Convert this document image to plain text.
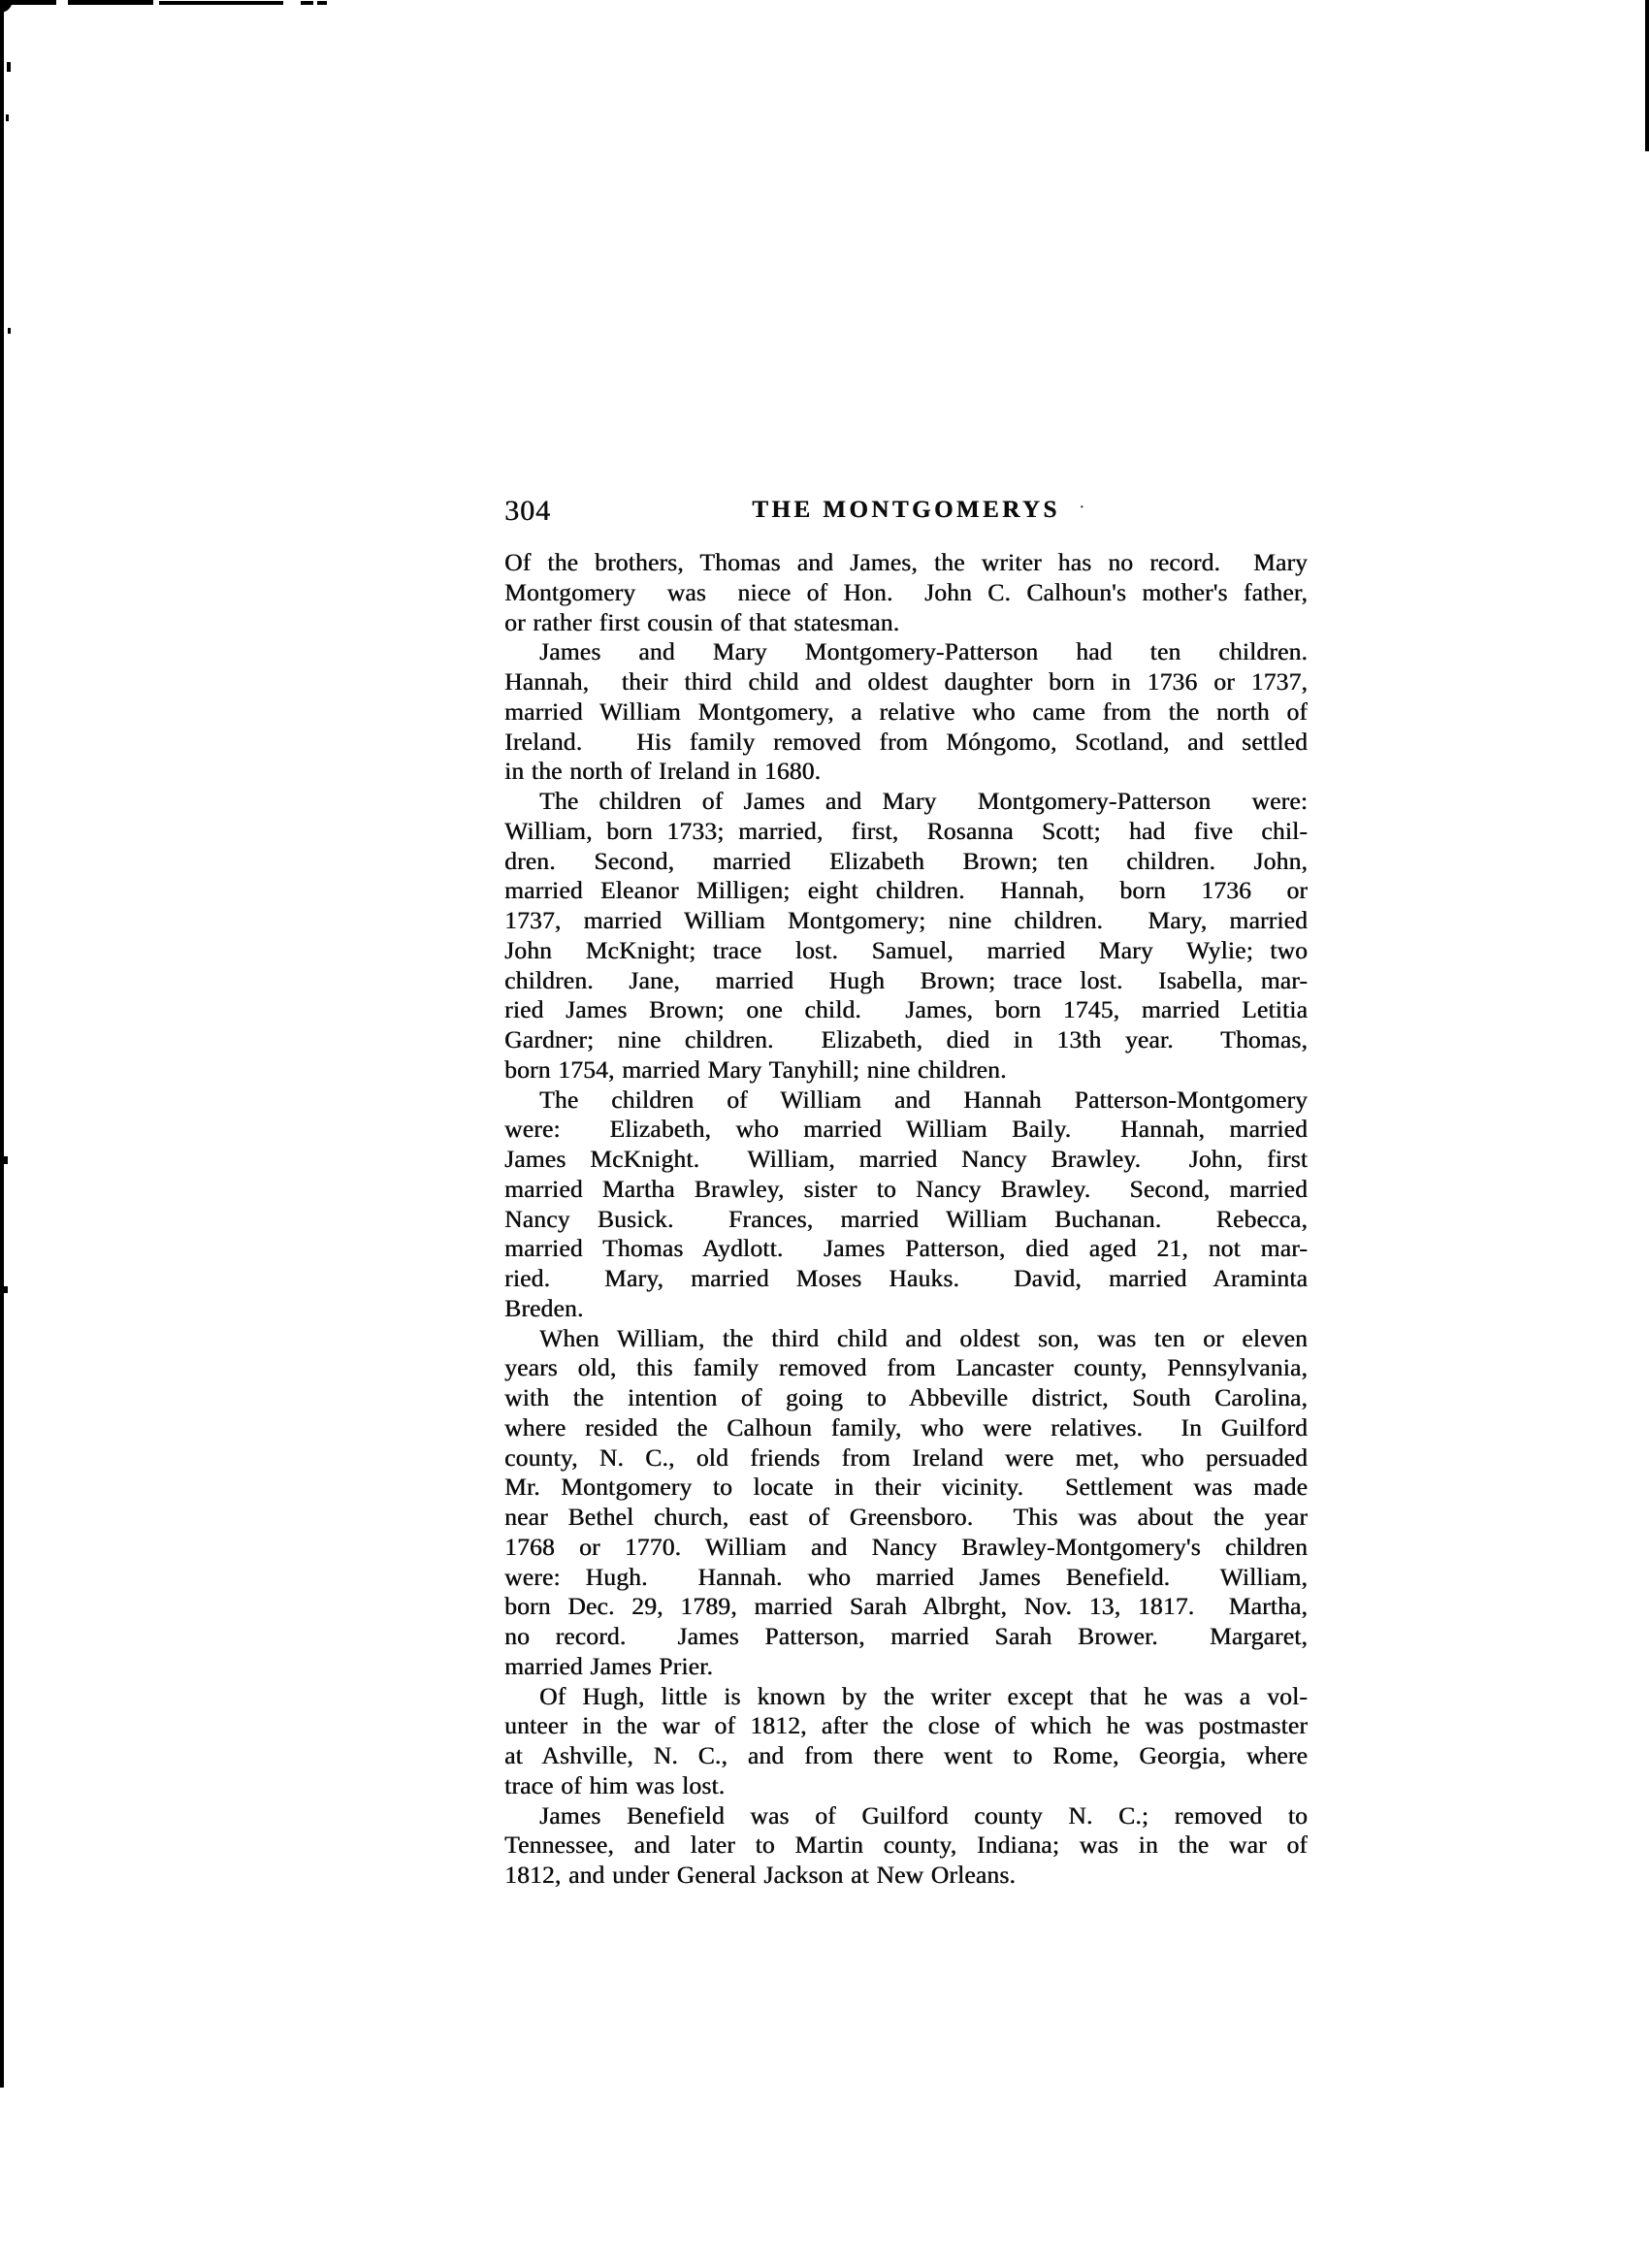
304	THE MONTGOMERYS ·
Of the brothers, Thomas and James, the writer has no record.  Mary
Montgomery  was  niece of Hon.  John C. Calhoun's mother's father,
or rather first cousin of that statesman.
James  and  Mary  Montgomery-Patterson  had  ten  children.
Hannah,  their third child and oldest daughter born in 1736 or 1737,
married William Montgomery, a relative who came from the north of
Ireland.   His family removed from Móngomo, Scotland, and settled
in the north of Ireland in 1680.
The children of James and Mary  Montgomery-Patterson  were:
William, born 1733; married,  first,  Rosanna  Scott;  had  five  chil-
dren.  Second,  married  Elizabeth  Brown; ten  children.  John,
married Eleanor Milligen; eight children.  Hannah,  born  1736  or
1737, married William Montgomery; nine children.  Mary, married
John  McKnight; trace  lost.  Samuel,  married  Mary  Wylie; two
children.  Jane,  married  Hugh  Brown; trace lost.  Isabella, mar-
ried James Brown; one child.  James, born 1745, married Letitia
Gardner; nine children.  Elizabeth, died in 13th year.  Thomas,
born 1754, married Mary Tanyhill; nine children.
The children of William and Hannah Patterson-Montgomery
were:  Elizabeth, who married William Baily.  Hannah, married
James McKnight.  William, married Nancy Brawley.  John, first
married Martha Brawley, sister to Nancy Brawley.  Second, married
Nancy Busick.  Frances, married William Buchanan.  Rebecca,
married Thomas Aydlott.  James Patterson, died aged 21, not mar-
ried.  Mary, married Moses Hauks.  David, married Araminta
Breden.
When William, the third child and oldest son, was ten or eleven
years old, this family removed from Lancaster county, Pennsylvania,
with the intention of going to Abbeville district, South Carolina,
where resided the Calhoun family, who were relatives.  In Guilford
county, N. C., old friends from Ireland were met, who persuaded
Mr. Montgomery to locate in their vicinity.  Settlement was made
near Bethel church, east of Greensboro.  This was about the year
1768 or 1770. William and Nancy Brawley-Montgomery's children
were: Hugh.  Hannah. who married James Benefield.  William,
born Dec. 29, 1789, married Sarah Albrght, Nov. 13, 1817.  Martha,
no record.  James Patterson, married Sarah Brower.  Margaret,
married James Prier.
Of Hugh, little is known by the writer except that he was a vol-
unteer in the war of 1812, after the close of which he was postmaster
at Ashville, N. C., and from there went to Rome, Georgia, where
trace of him was lost.
James Benefield was of Guilford county N. C.; removed to
Tennessee, and later to Martin county, Indiana; was in the war of
1812, and under General Jackson at New Orleans.
